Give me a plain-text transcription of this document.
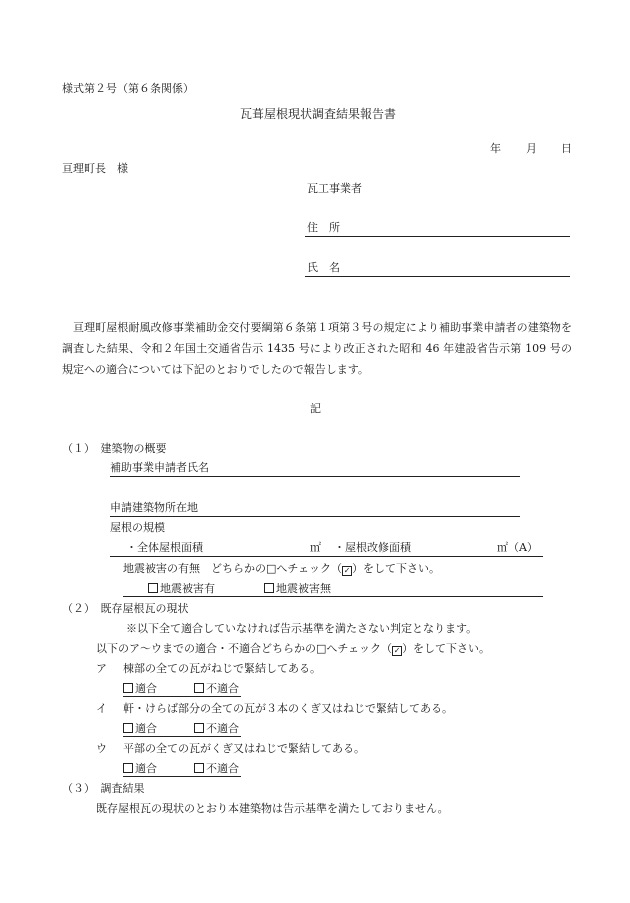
様式第２号（第６条関係）
瓦葺屋根現状調査結果報告書
年 月 日
亘理町長　様
瓦工事業者
住　所
氏　名
亘理町屋根耐風改修事業補助金交付要綱第６条第１項第３号の規定により補助事業申請者の建築物を調査した結果、令和２年国土交通省告示 1435 号により改正された昭和 46 年建設省告示第 109 号の規定への適合については下記のとおりでしたので報告します。
記
（１）　建築物の概要
補助事業申請者氏名
申請建築物所在地
屋根の規模
・全体屋根面積	㎡ ・屋根改修面積	㎡（A）
地震被害の有無　どちらかの□へチェック（ ✓ ）をして下さい。
地震被害有	地震被害無
（２）　既存屋根瓦の現状
※以下全て適合していなければ告示基準を満たさない判定となります。
以下のア～ウまでの適合・不適合どちらかの□へチェック（ ✓ ）をして下さい。
ア 棟部の全ての瓦がねじで緊結してある。
適合	不適合
イ 軒・けらば部分の全ての瓦が３本のくぎ又はねじで緊結してある。
適合	不適合
ウ 平部の全ての瓦がくぎ又はねじで緊結してある。
適合	不適合
（３）　調査結果
既存屋根瓦の現状のとおり本建築物は告示基準を満たしておりません。
